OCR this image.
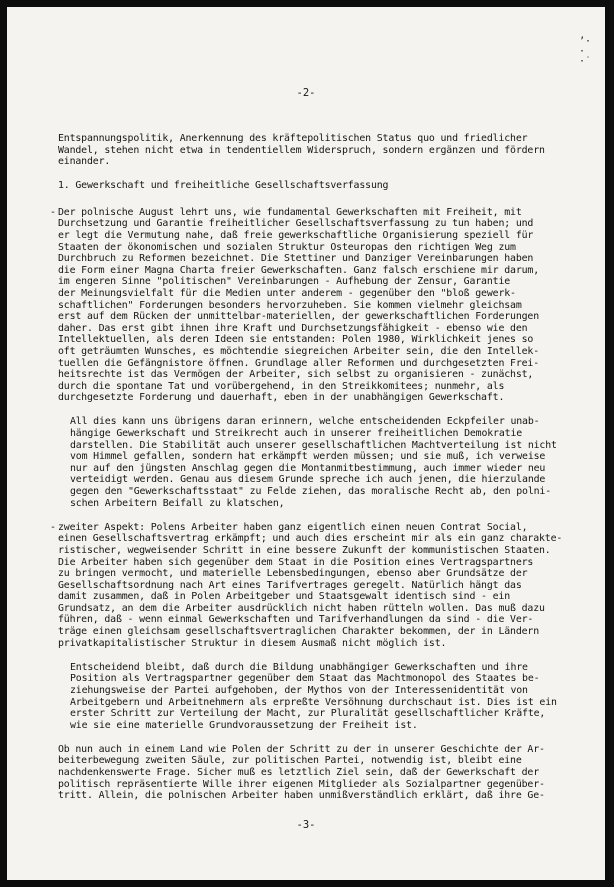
’·
·
·˙
-2-
Entspannungspolitik, Anerkennung des kräftepolitischen Status quo und friedlicher
Wandel, stehen nicht etwa in tendentiellem Widerspruch, sondern ergänzen und fördern
einander.
1. Gewerkschaft und freiheitliche Gesellschaftsverfassung
- Der polnische August lehrt uns, wie fundamental Gewerkschaften mit Freiheit, mit
Durchsetzung und Garantie freiheitlicher Gesellschaftsverfassung zu tun haben; und
er legt die Vermutung nahe, daß freie gewerkschaftliche Organisierung speziell für
Staaten der ökonomischen und sozialen Struktur Osteuropas den richtigen Weg zum
Durchbruch zu Reformen bezeichnet. Die Stettiner und Danziger Vereinbarungen haben
die Form einer Magna Charta freier Gewerkschaften. Ganz falsch erschiene mir darum,
im engeren Sinne "politischen" Vereinbarungen - Aufhebung der Zensur, Garantie
der Meinungsvielfalt für die Medien unter anderem - gegenüber den "bloß gewerk-
schaftlichen" Forderungen besonders hervorzuheben. Sie kommen vielmehr gleichsam
erst auf dem Rücken der unmittelbar-materiellen, der gewerkschaftlichen Forderungen
daher. Das erst gibt ihnen ihre Kraft und Durchsetzungsfähigkeit - ebenso wie den
Intellektuellen, als deren Ideen sie entstanden: Polen 1980, Wirklichkeit jenes so
oft geträumten Wunsches, es möchtendie siegreichen Arbeiter sein, die den Intellek-
tuellen die Gefängnistore öffnen. Grundlage aller Reformen und durchgesetzten Frei-
heitsrechte ist das Vermögen der Arbeiter, sich selbst zu organisieren - zunächst,
durch die spontane Tat und vorübergehend, in den Streikkomitees; nunmehr, als
durchgesetzte Forderung und dauerhaft, eben in der unabhängigen Gewerkschaft.
All dies kann uns übrigens daran erinnern, welche entscheidenden Eckpfeiler unab-
hängige Gewerkschaft und Streikrecht auch in unserer freiheitlichen Demokratie
darstellen. Die Stabilität auch unserer gesellschaftlichen Machtverteilung ist nicht
vom Himmel gefallen, sondern hat erkämpft werden müssen; und sie muß, ich verweise
nur auf den jüngsten Anschlag gegen die Montanmitbestimmung, auch immer wieder neu
verteidigt werden. Genau aus diesem Grunde spreche ich auch jenen, die hierzulande
gegen den "Gewerkschaftsstaat" zu Felde ziehen, das moralische Recht ab, den polni-
schen Arbeitern Beifall zu klatschen,
- zweiter Aspekt: Polens Arbeiter haben ganz eigentlich einen neuen Contrat Social,
einen Gesellschaftsvertrag erkämpft; und auch dies erscheint mir als ein ganz charakte-
ristischer, wegweisender Schritt in eine bessere Zukunft der kommunistischen Staaten.
Die Arbeiter haben sich gegenüber dem Staat in die Position eines Vertragspartners
zu bringen vermocht, und materielle Lebensbedingungen, ebenso aber Grundsätze der
Gesellschaftsordnung nach Art eines Tarifvertrages geregelt. Natürlich hängt das
damit zusammen, daß in Polen Arbeitgeber und Staatsgewalt identisch sind - ein
Grundsatz, an dem die Arbeiter ausdrücklich nicht haben rütteln wollen. Das muß dazu
führen, daß - wenn einmal Gewerkschaften und Tarifverhandlungen da sind - die Ver-
träge einen gleichsam gesellschaftsvertraglichen Charakter bekommen, der in Ländern
privatkapitalistischer Struktur in diesem Ausmaß nicht möglich ist.
Entscheidend bleibt, daß durch die Bildung unabhängiger Gewerkschaften und ihre
Position als Vertragspartner gegenüber dem Staat das Machtmonopol des Staates be-
ziehungsweise der Partei aufgehoben, der Mythos von der Interessenidentität von
Arbeitgebern und Arbeitnehmern als erpreßte Versöhnung durchschaut ist. Dies ist ein
erster Schritt zur Verteilung der Macht, zur Pluralität gesellschaftlicher Kräfte,
wie sie eine materielle Grundvoraussetzung der Freiheit ist.
Ob nun auch in einem Land wie Polen der Schritt zu der in unserer Geschichte der Ar-
beiterbewegung zweiten Säule, zur politischen Partei, notwendig ist, bleibt eine
nachdenkenswerte Frage. Sicher muß es letztlich Ziel sein, daß der Gewerkschaft der
politisch repräsentierte Wille ihrer eigenen Mitglieder als Sozialpartner gegenüber-
tritt. Allein, die polnischen Arbeiter haben unmißverständlich erklärt, daß ihre Ge-
-3-
